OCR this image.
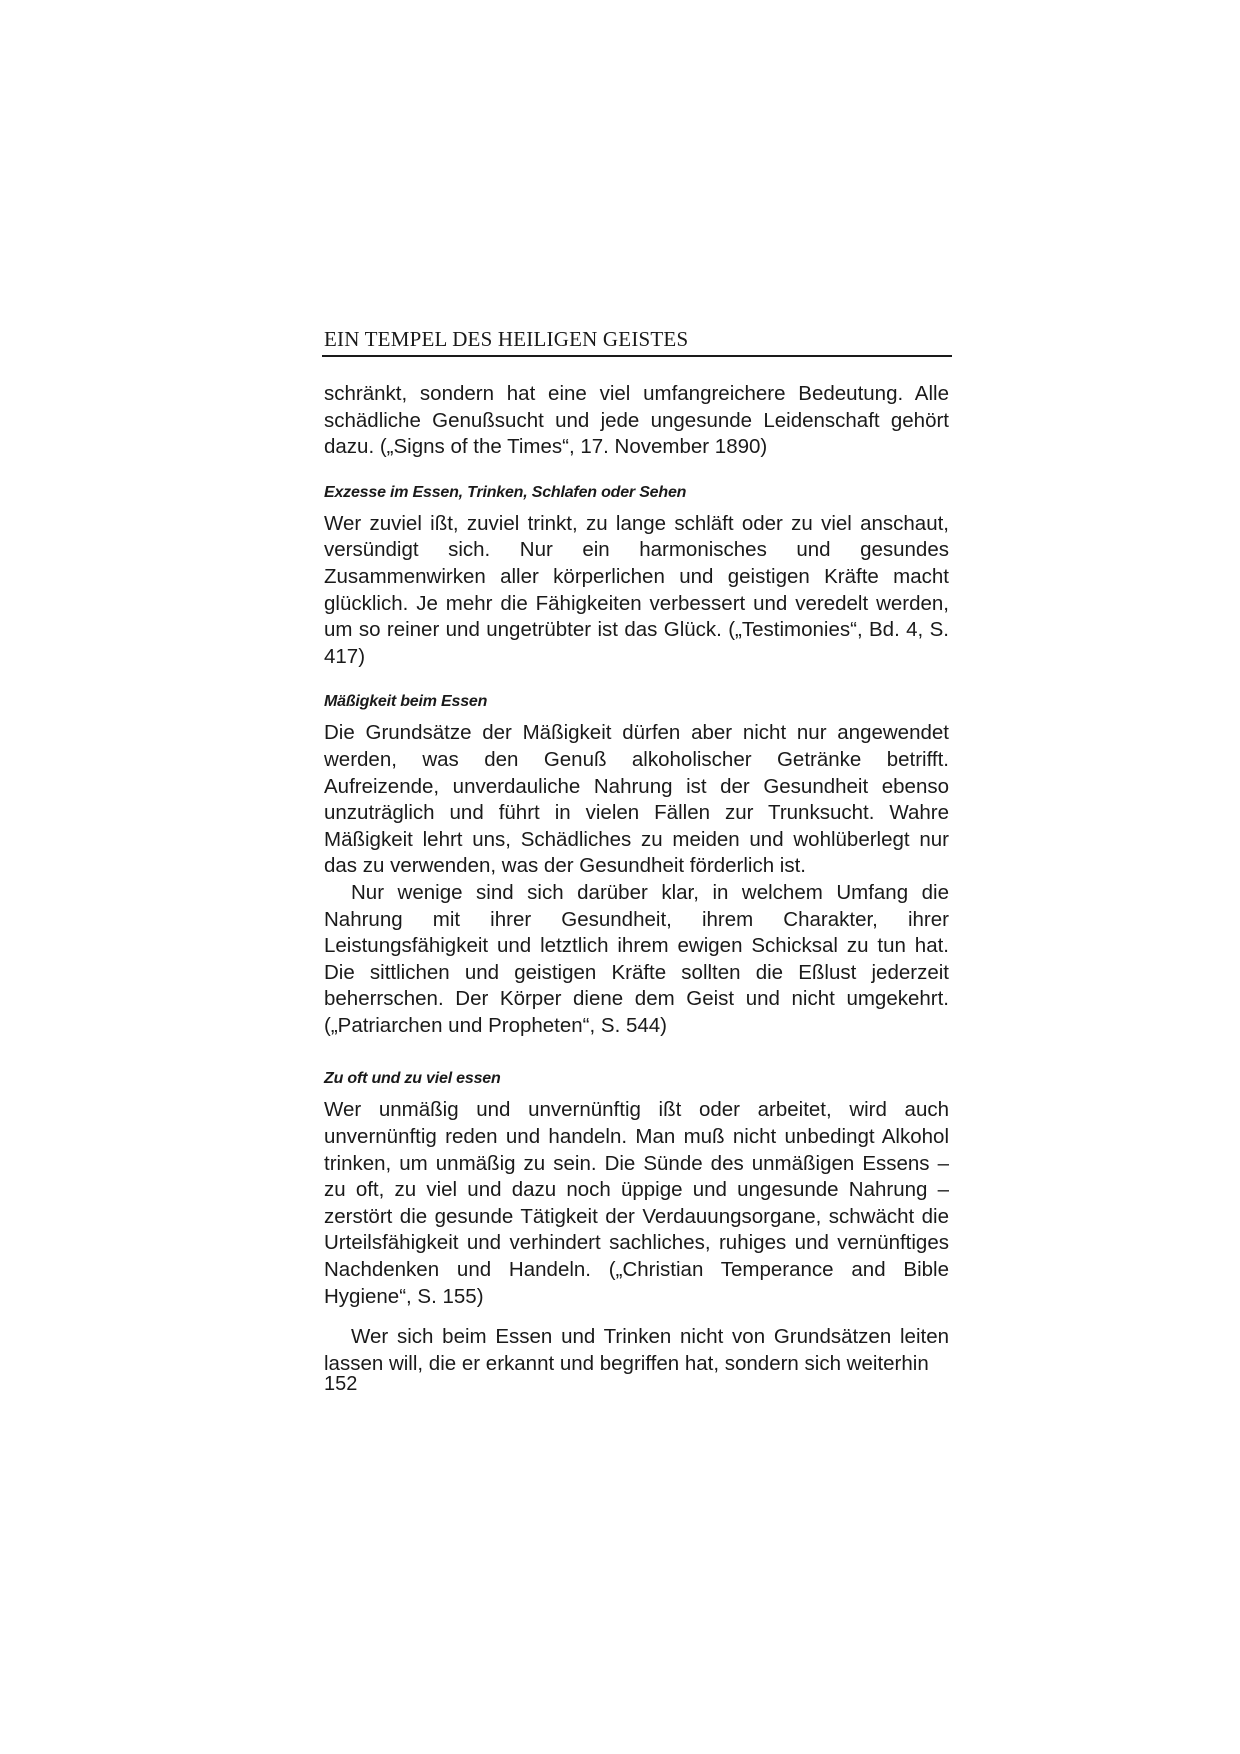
EIN TEMPEL DES HEILIGEN GEISTES

schränkt, sondern hat eine viel umfangreichere Bedeutung. Alle schädliche Genußsucht und jede ungesunde Leidenschaft gehört dazu. („Signs of the Times“, 17. November 1890)

Exzesse im Essen, Trinken, Schlafen oder Sehen

Wer zuviel ißt, zuviel trinkt, zu lange schläft oder zu viel anschaut, versündigt sich. Nur ein harmonisches und gesundes Zusammenwirken aller körperlichen und geistigen Kräfte macht glücklich. Je mehr die Fähigkeiten verbessert und veredelt werden, um so reiner und ungetrübter ist das Glück. („Testimonies“, Bd. 4, S. 417)

Mäßigkeit beim Essen

Die Grundsätze der Mäßigkeit dürfen aber nicht nur angewendet werden, was den Genuß alkoholischer Getränke betrifft. Aufreizende, unverdauliche Nahrung ist der Gesundheit ebenso unzuträglich und führt in vielen Fällen zur Trunksucht. Wahre Mäßigkeit lehrt uns, Schädliches zu meiden und wohlüberlegt nur das zu verwenden, was der Gesundheit förderlich ist.

Nur wenige sind sich darüber klar, in welchem Umfang die Nahrung mit ihrer Gesundheit, ihrem Charakter, ihrer Leistungsfähigkeit und letztlich ihrem ewigen Schicksal zu tun hat. Die sittlichen und geistigen Kräfte sollten die Eßlust jederzeit beherrschen. Der Körper diene dem Geist und nicht umgekehrt. („Patriarchen und Propheten“, S. 544)

Zu oft und zu viel essen

Wer unmäßig und unvernünftig ißt oder arbeitet, wird auch unvernünftig reden und handeln. Man muß nicht unbedingt Alkohol trinken, um unmäßig zu sein. Die Sünde des unmäßigen Essens – zu oft, zu viel und dazu noch üppige und ungesunde Nahrung – zerstört die gesunde Tätigkeit der Verdauungsorgane, schwächt die Urteilsfähigkeit und verhindert sachliches, ruhiges und vernünftiges Nachdenken und Handeln. („Christian Temperance and Bible Hygiene“, S. 155)

Wer sich beim Essen und Trinken nicht von Grundsätzen leiten lassen will, die er erkannt und begriffen hat, sondern sich weiterhin

152
